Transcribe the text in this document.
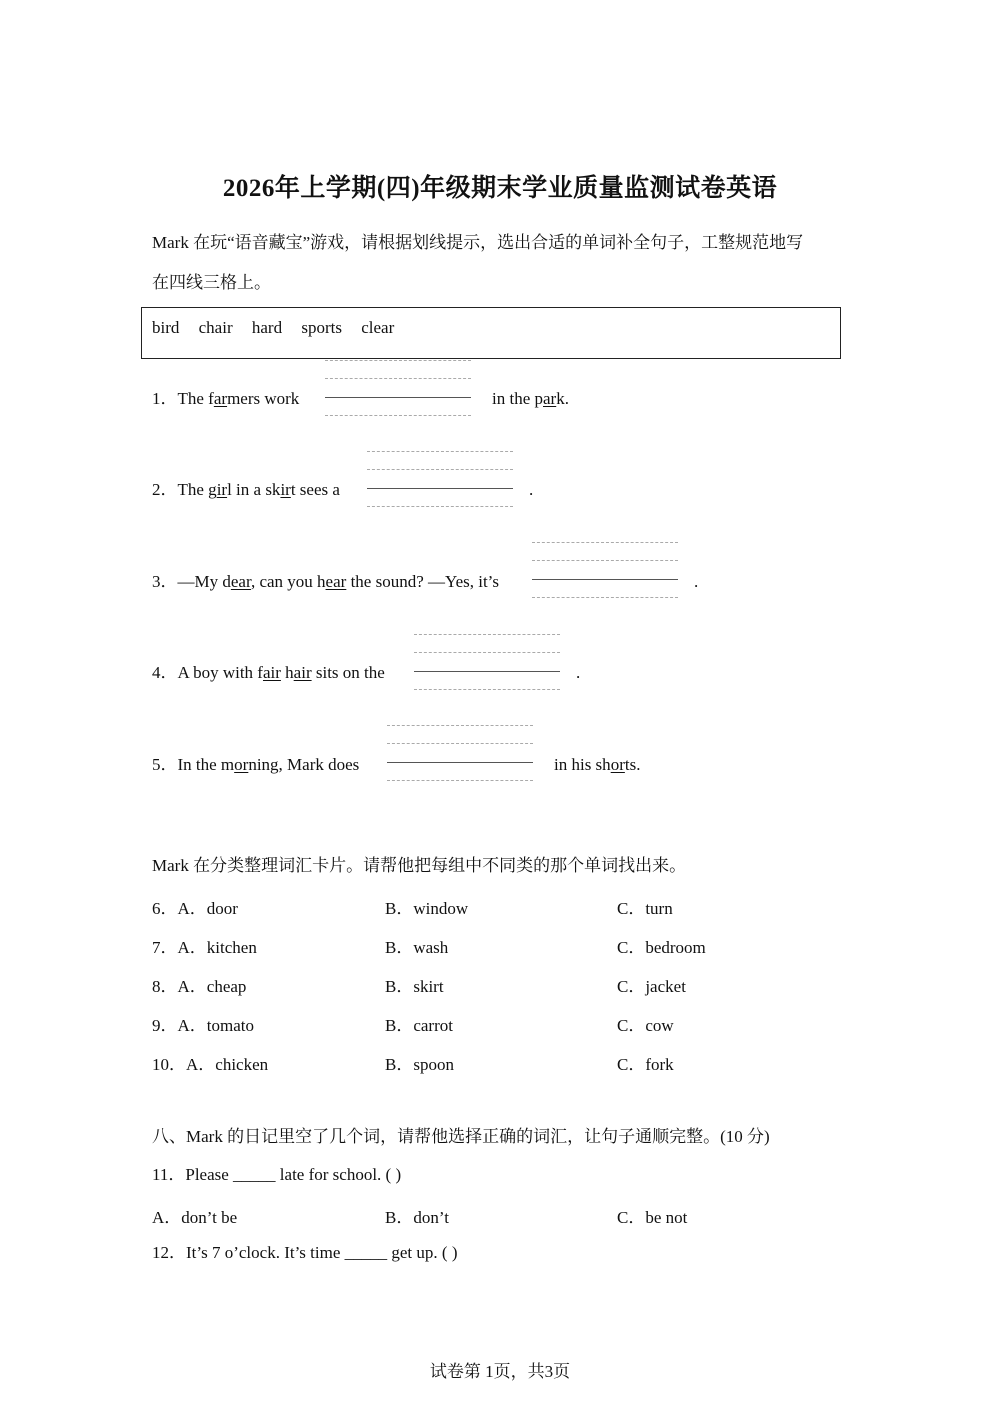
2026年上学期(四)年级期末学业质量监测试卷英语
Mark 在玩“语音藏宝”游戏，请根据划线提示，选出合适的单词补全句子，工整规范地写
在四线三格上。
bird chair hard sports clear
1．The farmers work	in the park.
2．The girl in a skirt sees a	.
3．—My dear, can you hear the sound? —Yes, it’s	.
4．A boy with fair hair sits on the	.
5．In the morning, Mark does	in his shorts.
Mark 在分类整理词汇卡片。请帮他把每组中不同类的那个单词找出来。
6．A．door	B．window	C．turn
7．A．kitchen	B．wash	C．bedroom
8．A．cheap	B．skirt	C．jacket
9．A．tomato	B．carrot	C．cow
10．A．chicken	B．spoon	C．fork
八、Mark 的日记里空了几个词，请帮他选择正确的词汇，让句子通顺完整。(10 分)
11．Please _____ late for school. ( )
A．don’t be	B．don’t	C．be not
12．It’s 7 o’clock. It’s time _____ get up. ( )
试卷第 1页，共3页
